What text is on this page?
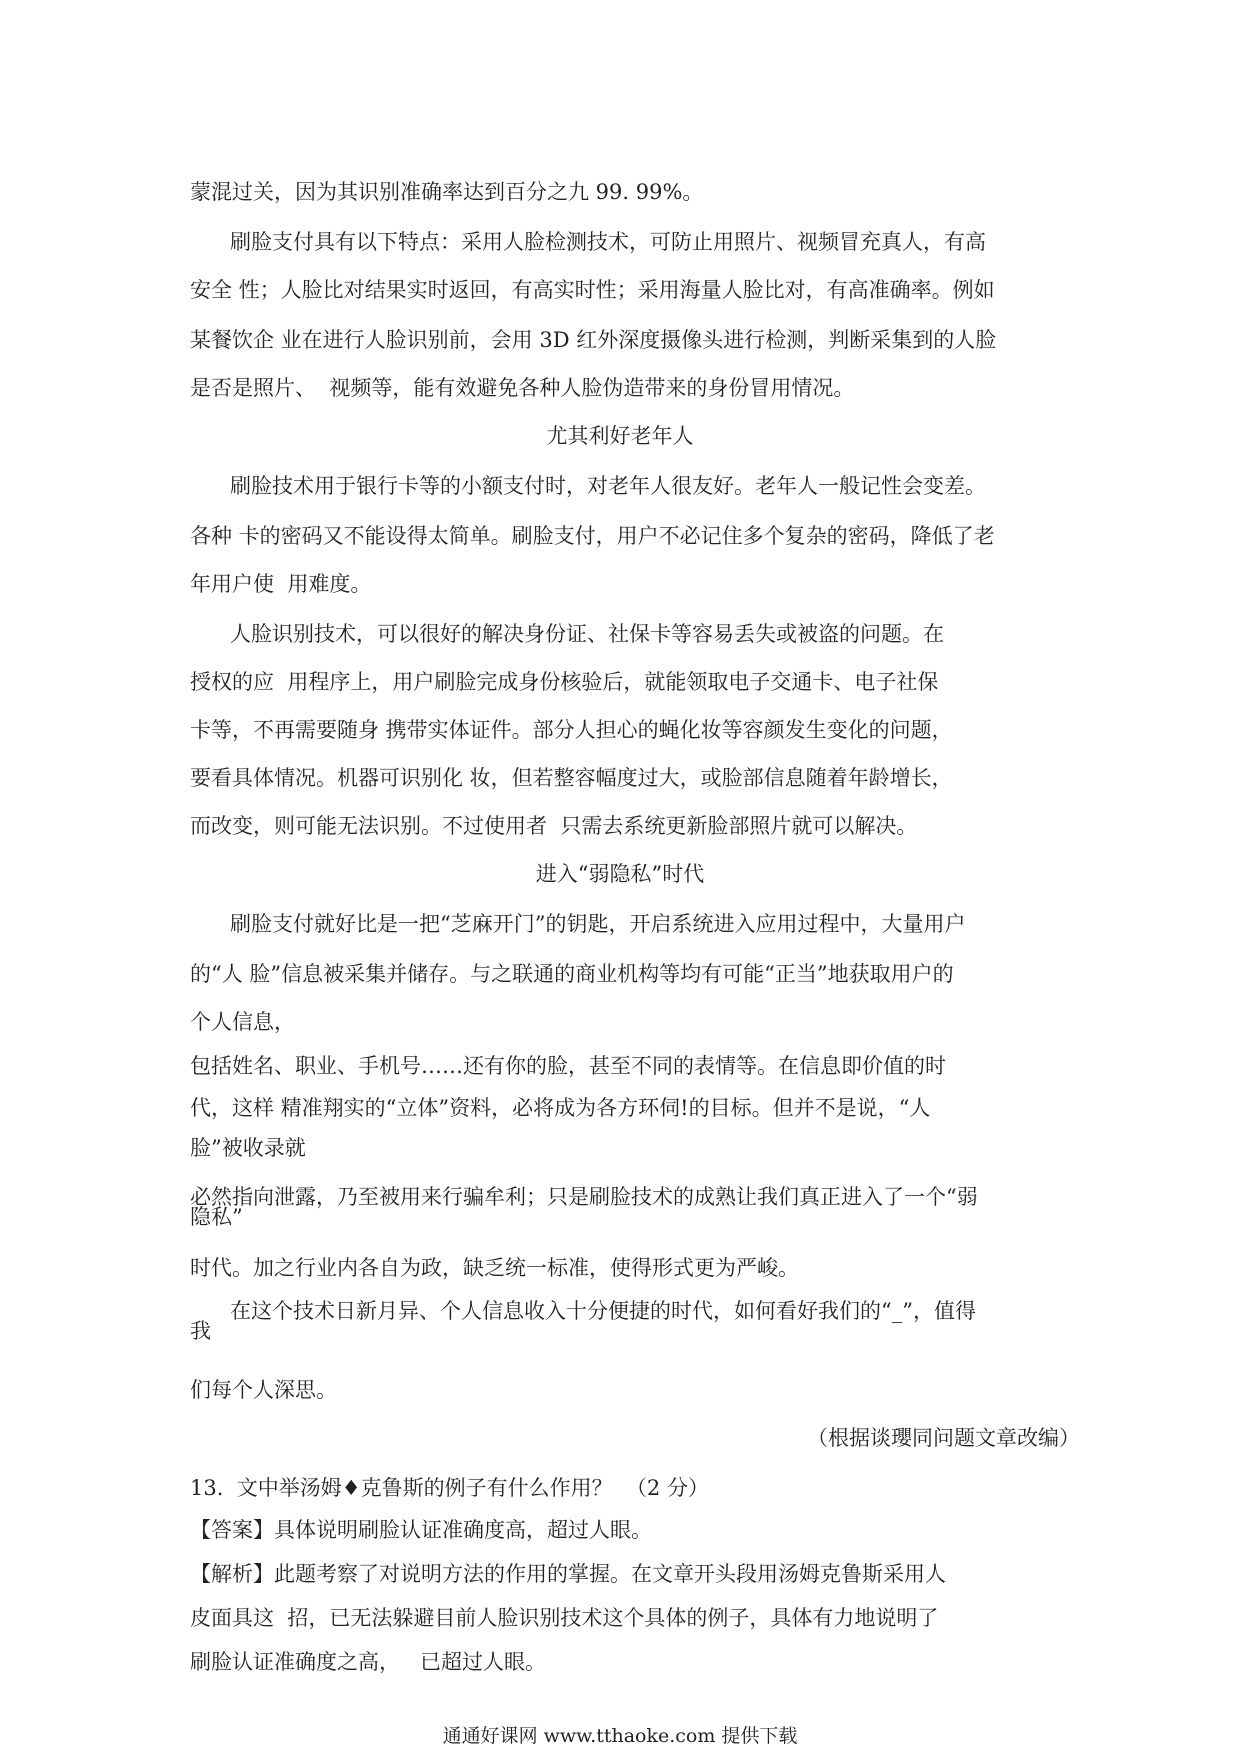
蒙混过关，因为其识别准确率达到百分之九 99. 99%。

刷脸支付具有以下特点：采用人脸检测技术，可防止用照片、视频冒充真人，有高

安全 性；人脸比对结果实时返回，有高实时性；采用海量人脸比对，有高准确率。例如

某餐饮企 业在进行人脸识别前，会用 3D 红外深度摄像头进行检测，判断采集到的人脸

是否是照片、  视频等，能有效避免各种人脸伪造带来的身份冒用情况。

尤其利好老年人

刷脸技术用于银行卡等的小额支付时，对老年人很友好。老年人一般记性会变差。

各种 卡的密码又不能设得太简单。刷脸支付，用户不必记住多个复杂的密码，降低了老

年用户使  用难度。

人脸识别技术，可以很好的解决身份证、社保卡等容易丢失或被盗的问题。在

授权的应  用程序上，用户刷脸完成身份核验后，就能领取电子交通卡、电子社保

卡等，不再需要随身 携带实体证件。部分人担心的蝇化妆等容颜发生变化的问题，

要看具体情况。机器可识别化 妆，但若整容幅度过大，或脸部信息随着年龄增长，

而改变，则可能无法识别。不过使用者  只需去系统更新脸部照片就可以解决。

进入“弱隐私”时代

刷脸支付就好比是一把“芝麻开门”的钥匙，开启系统进入应用过程中，大量用户

的“人 脸”信息被采集并储存。与之联通的商业机构等均有可能“正当”地获取用户的

个人信息，

包括姓名、职业、手机号……还有你的脸，甚至不同的表情等。在信息即价值的时

代，这样 精准翔实的“立体”资料，必将成为各方环伺!的目标。但并不是说，“人

脸”被收录就

必然指向泄露，乃至被用来行骗牟利；只是刷脸技术的成熟让我们真正进入了一个“弱

隐私”

时代。加之行业内各自为政，缺乏统一标准，使得形式更为严峻。

在这个技术日新月异、个人信息收入十分便捷的时代，如何看好我们的“_”，值得

我

们每个人深思。

（根据谈瓔同问题文章改编）

13.  文中举汤姆♦克鲁斯的例子有什么作用？  （2 分）

【答案】具体说明刷脸认证准确度高，超过人眼。

【解析】此题考察了对说明方法的作用的掌握。在文章开头段用汤姆克鲁斯采用人

皮面具这  招，已无法躲避目前人脸识别技术这个具体的例子，具体有力地说明了

刷脸认证准确度之高，   已超过人眼。

通通好课网 www.tthaoke.com 提供下载
